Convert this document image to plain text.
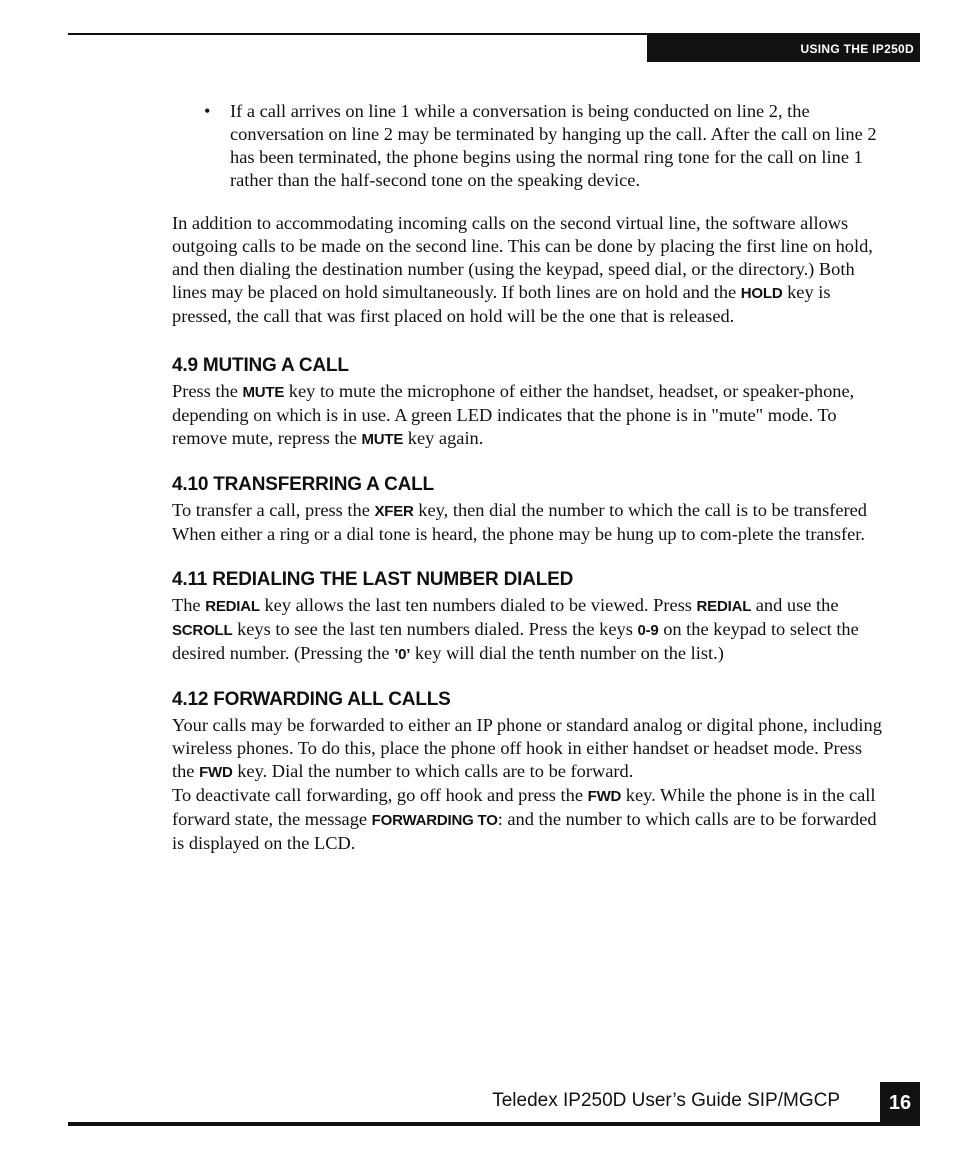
USING THE IP250D
• If a call arrives on line 1 while a conversation is being conducted on line 2, the conversation on line 2 may be terminated by hanging up the call. After the call on line 2 has been terminated, the phone begins using the normal ring tone for the call on line 1 rather than the half-second tone on the speaking device.

In addition to accommodating incoming calls on the second virtual line, the software allows outgoing calls to be made on the second line. This can be done by placing the first line on hold, and then dialing the destination number (using the keypad, speed dial, or the directory.) Both lines may be placed on hold simultaneously. If both lines are on hold and the HOLD key is pressed, the call that was first placed on hold will be the one that is released.

4.9 MUTING A CALL

Press the MUTE key to mute the microphone of either the handset, headset, or speaker-phone, depending on which is in use. A green LED indicates that the phone is in "mute" mode. To remove mute, repress the MUTE key again.

4.10 TRANSFERRING A CALL

To transfer a call, press the XFER key, then dial the number to which the call is to be transfered When either a ring or a dial tone is heard, the phone may be hung up to com-plete the transfer.

4.11 REDIALING THE LAST NUMBER DIALED

The REDIAL key allows the last ten numbers dialed to be viewed. Press REDIAL and use the SCROLL keys to see the last ten numbers dialed. Press the keys 0-9 on the keypad to select the desired number. (Pressing the ’0’ key will dial the tenth number on the list.)

4.12 FORWARDING ALL CALLS

Your calls may be forwarded to either an IP phone or standard analog or digital phone, including wireless phones. To do this, place the phone off hook in either handset or headset mode. Press the FWD key. Dial the number to which calls are to be forward.

To deactivate call forwarding, go off hook and press the FWD key. While the phone is in the call forward state, the message FORWARDING TO: and the number to which calls are to be forwarded is displayed on the LCD.

Teledex IP250D User’s Guide SIP/MGCP 16
